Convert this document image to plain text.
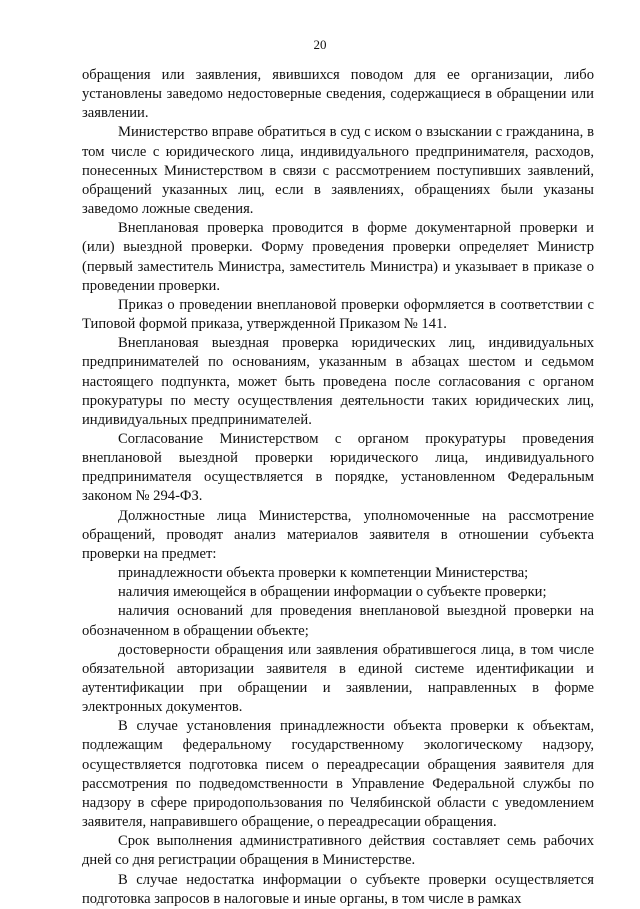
20

обращения или заявления, явившихся поводом для ее организации, либо установлены заведомо недостоверные сведения, содержащиеся в обращении или заявлении.

Министерство вправе обратиться в суд с иском о взыскании с гражданина, в том числе с юридического лица, индивидуального предпринимателя, расходов, понесенных Министерством в связи с рассмотрением поступивших заявлений, обращений указанных лиц, если в заявлениях, обращениях были указаны заведомо ложные сведения.

Внеплановая проверка проводится в форме документарной проверки и (или) выездной проверки. Форму проведения проверки определяет Министр (первый заместитель Министра, заместитель Министра) и указывает в приказе о проведении проверки.

Приказ о проведении внеплановой проверки оформляется в соответствии с Типовой формой приказа, утвержденной Приказом № 141.

Внеплановая выездная проверка юридических лиц, индивидуальных предпринимателей по основаниям, указанным в абзацах шестом и седьмом настоящего подпункта, может быть проведена после согласования с органом прокуратуры по месту осуществления деятельности таких юридических лиц, индивидуальных предпринимателей.

Согласование Министерством с органом прокуратуры проведения внеплановой выездной проверки юридического лица, индивидуального предпринимателя осуществляется в порядке, установленном Федеральным законом № 294-ФЗ.

Должностные лица Министерства, уполномоченные на рассмотрение обращений, проводят анализ материалов заявителя в отношении субъекта проверки на предмет:

принадлежности объекта проверки к компетенции Министерства;

наличия имеющейся в обращении информации о субъекте проверки;

наличия оснований для проведения внеплановой выездной проверки на обозначенном в обращении объекте;

достоверности обращения или заявления обратившегося лица, в том числе обязательной авторизации заявителя в единой системе идентификации и аутентификации при обращении и заявлении, направленных в форме электронных документов.

В случае установления принадлежности объекта проверки к объектам, подлежащим федеральному государственному экологическому надзору, осуществляется подготовка писем о переадресации обращения заявителя для рассмотрения по подведомственности в Управление Федеральной службы по надзору в сфере природопользования по Челябинской области с уведомлением заявителя, направившего обращение, о переадресации обращения.

Срок выполнения административного действия составляет семь рабочих дней со дня регистрации обращения в Министерстве.

В случае недостатка информации о субъекте проверки осуществляется подготовка запросов в налоговые и иные органы, в том числе в рамках
